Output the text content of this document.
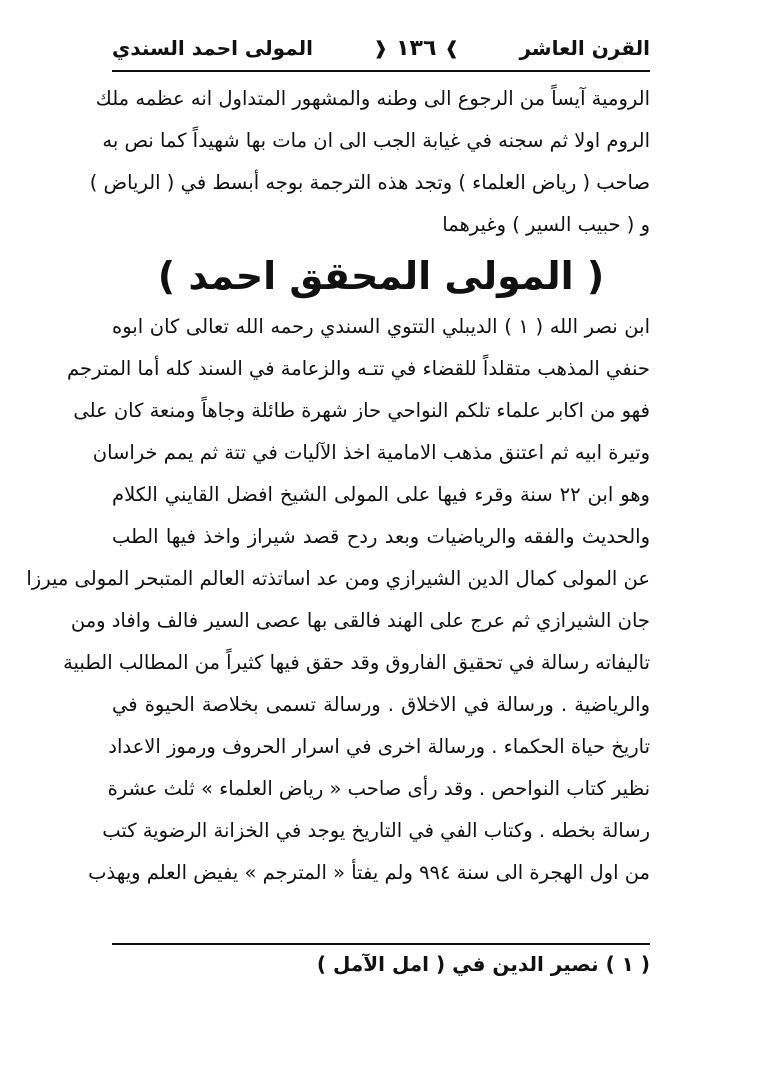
القرن العاشر
❱
١٣٦
❰
المولى احمد السندي
الرومية آيساً من الرجوع الى وطنه والمشهور المتداول انه عظمه ملك
الروم اولا ثم سجنه في غيابة الجب الى ان مات بها شهيداً كما نص به
صاحب ( رياض العلماء ) وتجد هذه الترجمة بوجه أبسط في ( الرياض )
و ( حبيب السير ) وغيرهما
( المولى المحقق احمد )
ابن نصر الله ( ١ ) الديبلي التتوي السندي رحمه الله تعالى كان ابوه
حنفي المذهب متقلداً للقضاء في تتـه والزعامة في السند كله أما المترجم
فهو من اكابر علماء تلكم النواحي حاز شهرة طائلة وجاهاً ومنعة كان على
وتيرة ابيه ثم اعتنق مذهب الامامية اخذ الآليات في تتة ثم يمم خراسان
وهو ابن ٢٢ سنة وقرء فيها على المولى الشيخ افضل القايني الكلام
والحديث والفقه والرياضيات وبعد ردح قصد شيراز واخذ فيها الطب
عن المولى كمال الدين الشيرازي ومن عد اساتذته العالم المتبحر المولى ميرزا
جان الشيرازي ثم عرج على الهند فالقى بها عصى السير فالف وافاد ومن
تاليفاته رسالة في تحقيق الفاروق وقد حقق فيها كثيراً من المطالب الطبية
والرياضية . ورسالة في الاخلاق . ورسالة تسمى بخلاصة الحيوة في
تاريخ حياة الحكماء . ورسالة اخرى في اسرار الحروف ورموز الاعداد
نظير كتاب النواحص . وقد رأى صاحب « رياض العلماء » ثلث عشرة
رسالة بخطه . وكتاب الفي في التاريخ يوجد في الخزانة الرضوية كتب
من اول الهجرة الى سنة ٩٩٤ ولم يفتأ « المترجم » يفيض العلم ويهذب
( ١ ) نصير الدين في ( امل الآمل )
